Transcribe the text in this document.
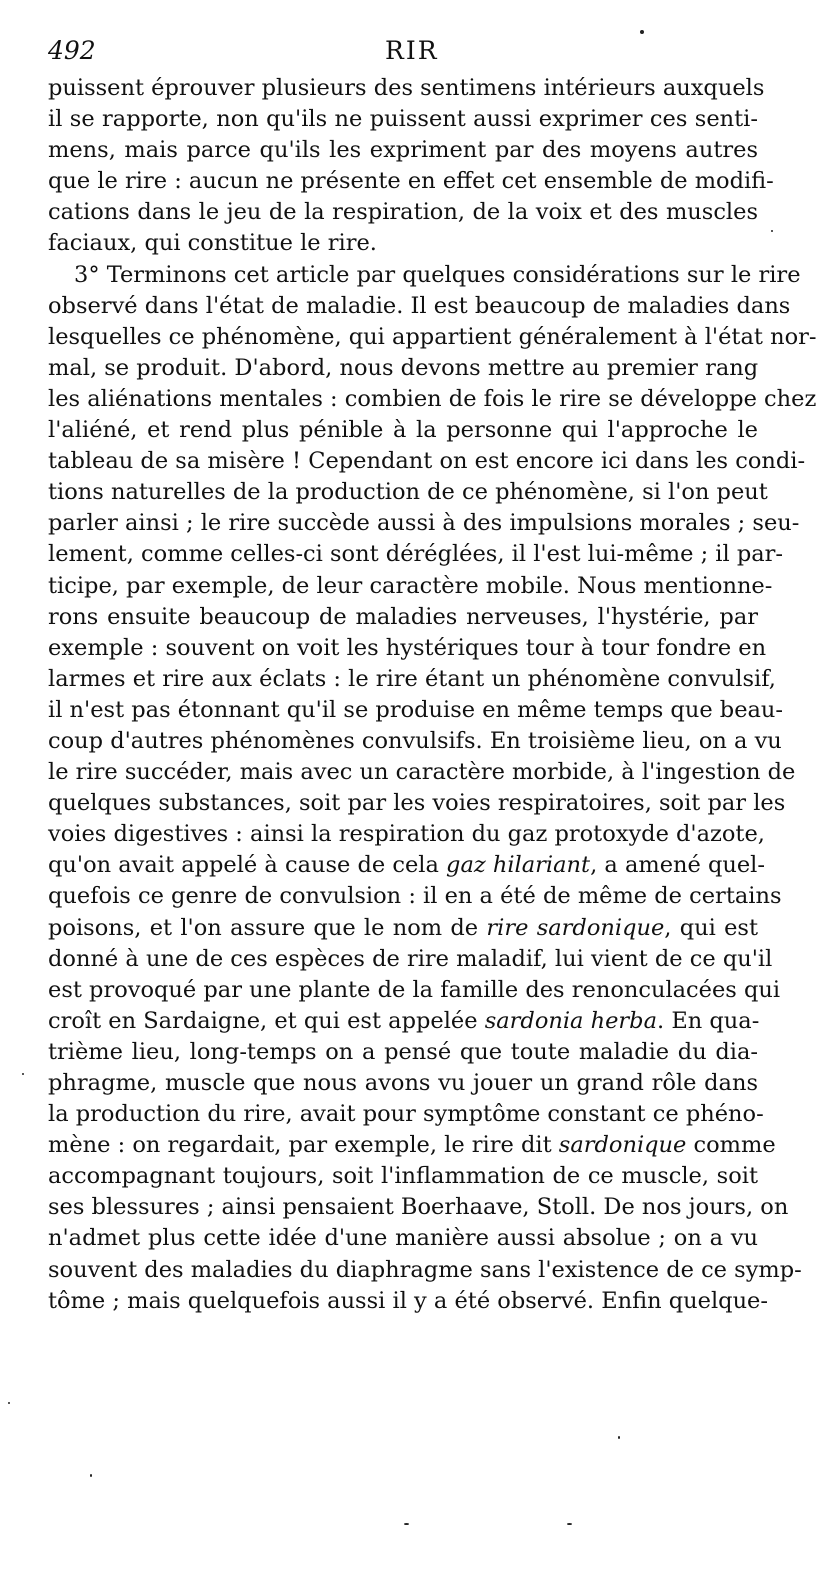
492	RIR
puissent éprouver plusieurs des sentimens intérieurs auxquels
il se rapporte, non qu'ils ne puissent aussi exprimer ces senti-
mens, mais parce qu'ils les expriment par des moyens autres
que le rire : aucun ne présente en effet cet ensemble de modifi-
cations dans le jeu de la respiration, de la voix et des muscles
faciaux, qui constitue le rire.
3° Terminons cet article par quelques considérations sur le rire
observé dans l'état de maladie. Il est beaucoup de maladies dans
lesquelles ce phénomène, qui appartient généralement à l'état nor-
mal, se produit. D'abord, nous devons mettre au premier rang
les aliénations mentales : combien de fois le rire se développe chez
l'aliéné, et rend plus pénible à la personne qui l'approche le
tableau de sa misère ! Cependant on est encore ici dans les condi-
tions naturelles de la production de ce phénomène, si l'on peut
parler ainsi ; le rire succède aussi à des impulsions morales ; seu-
lement, comme celles-ci sont déréglées, il l'est lui-même ; il par-
ticipe, par exemple, de leur caractère mobile. Nous mentionne-
rons ensuite beaucoup de maladies nerveuses, l'hystérie, par
exemple : souvent on voit les hystériques tour à tour fondre en
larmes et rire aux éclats : le rire étant un phénomène convulsif,
il n'est pas étonnant qu'il se produise en même temps que beau-
coup d'autres phénomènes convulsifs. En troisième lieu, on a vu
le rire succéder, mais avec un caractère morbide, à l'ingestion de
quelques substances, soit par les voies respiratoires, soit par les
voies digestives : ainsi la respiration du gaz protoxyde d'azote,
qu'on avait appelé à cause de cela gaz hilariant, a amené quel-
quefois ce genre de convulsion : il en a été de même de certains
poisons, et l'on assure que le nom de rire sardonique, qui est
donné à une de ces espèces de rire maladif, lui vient de ce qu'il
est provoqué par une plante de la famille des renonculacées qui
croît en Sardaigne, et qui est appelée sardonia herba. En qua-
trième lieu, long-temps on a pensé que toute maladie du dia-
phragme, muscle que nous avons vu jouer un grand rôle dans
la production du rire, avait pour symptôme constant ce phéno-
mène : on regardait, par exemple, le rire dit sardonique comme
accompagnant toujours, soit l'inflammation de ce muscle, soit
ses blessures ; ainsi pensaient Boerhaave, Stoll. De nos jours, on
n'admet plus cette idée d'une manière aussi absolue ; on a vu
souvent des maladies du diaphragme sans l'existence de ce symp-
tôme ; mais quelquefois aussi il y a été observé. Enfin quelque-
